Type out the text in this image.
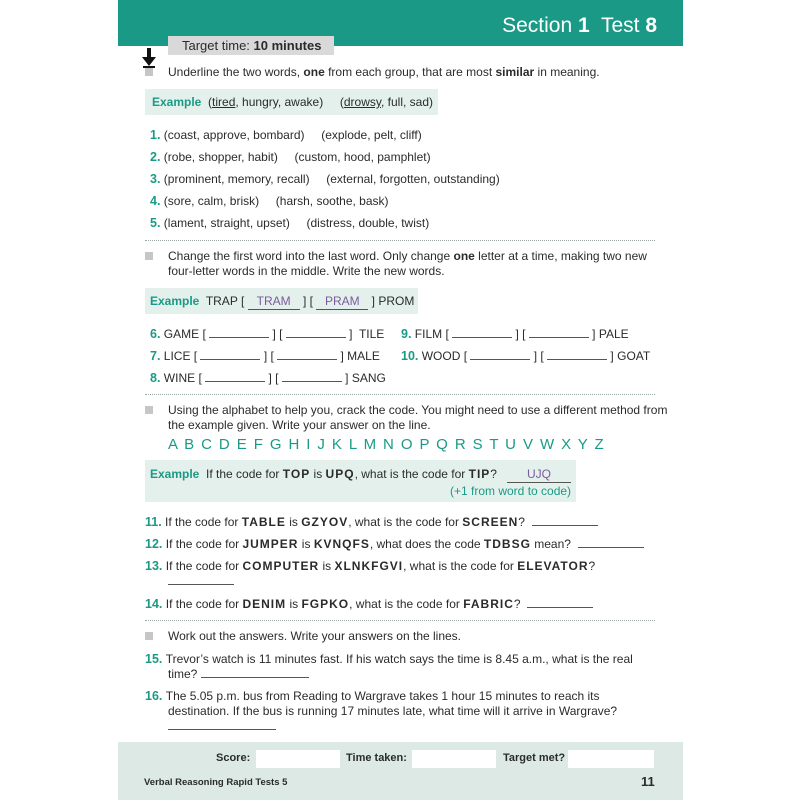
Section 1 Test 8
Target time: 10 minutes
Underline the two words, one from each group, that are most similar in meaning.
Example (tired, hungry, awake) (drowsy, full, sad)
1. (coast, approve, bombard) (explode, pelt, cliff)
2. (robe, shopper, habit) (custom, hood, pamphlet)
3. (prominent, memory, recall) (external, forgotten, outstanding)
4. (sore, calm, brisk) (harsh, soothe, bask)
5. (lament, straight, upset) (distress, double, twist)
Change the first word into the last word. Only change one letter at a time, making two new
four-letter words in the middle. Write the new words.
Example TRAP [ TRAM ] [ PRAM ] PROM
6. GAME [	] [	]  TILE 9. FILM [	] [	] PALE
7. LICE [	] [	] MALE 10. WOOD [	] [	] GOAT
8. WINE [	] [	] SANG
Using the alphabet to help you, crack the code. You might need to use a different method from
the example given. Write your answer on the line.
A B C D E F G H I J K L M N O P Q R S T U V W X Y Z
Example If the code for TOP is UPQ, what is the code for TIP?	UJQ
(+1 from word to code)
11. If the code for TABLE is GZYOV, what is the code for SCREEN?
12. If the code for JUMPER is KVNQFS, what does the code TDBSG mean?
13. If the code for COMPUTER is XLNKFGVI, what is the code for ELEVATOR?
14. If the code for DENIM is FGPKO, what is the code for FABRIC?
Work out the answers. Write your answers on the lines.
15. Trevor’s watch is 11 minutes fast. If his watch says the time is 8.45 a.m., what is the real
time?
16. The 5.05 p.m. bus from Reading to Wargrave takes 1 hour 15 minutes to reach its
destination. If the bus is running 17 minutes late, what time will it arrive in Wargrave?
Score:	Time taken:	Target met?
Verbal Reasoning Rapid Tests 5	11
